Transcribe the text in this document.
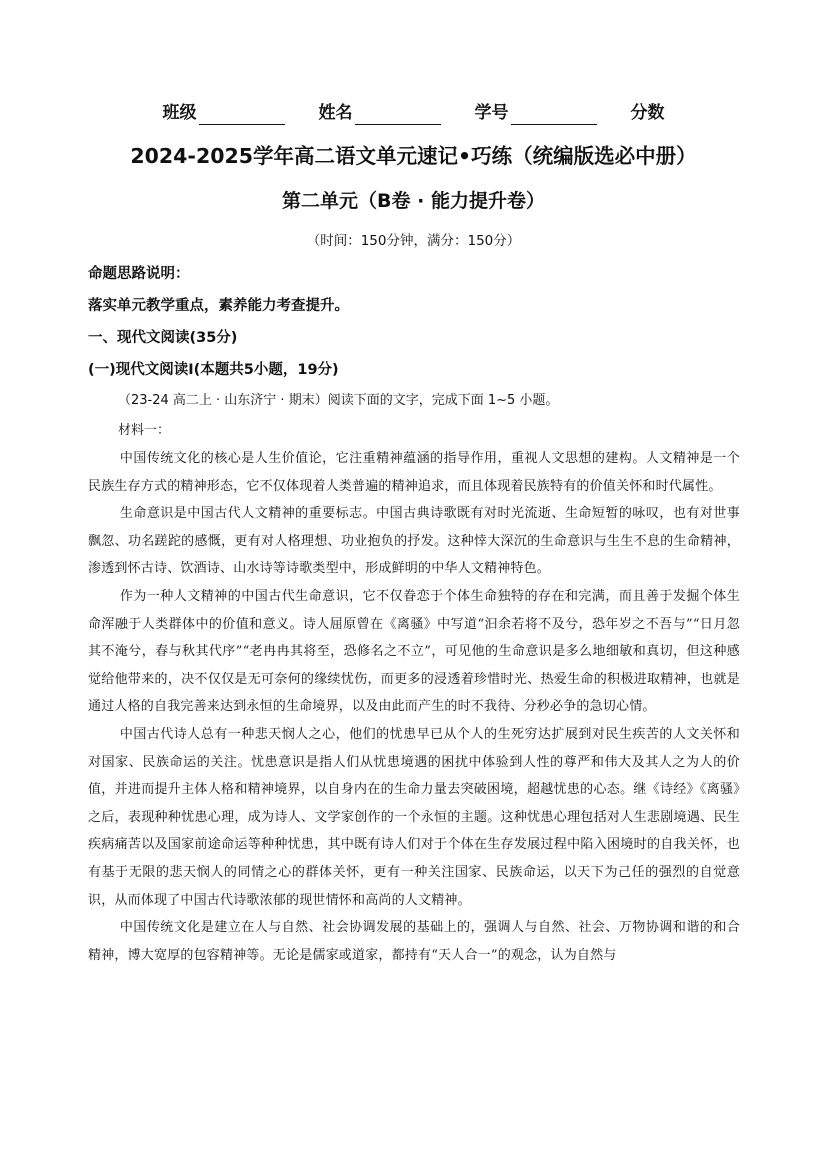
班级	姓名	学号	分数
2024-2025学年高二语文单元速记•巧练（统编版选必中册）
第二单元（B卷 · 能力提升卷）
（时间：150分钟，满分：150分）
命题思路说明：
落实单元教学重点，素养能力考查提升。
一、现代文阅读(35分)
(一)现代文阅读Ⅰ(本题共5小题，19分)
（23-24 高二上 · 山东济宁 · 期末）阅读下面的文字，完成下面 1~5 小题。
材料一：

中国传统文化的核心是人生价值论，它注重精神蕴涵的指导作用，重视人文思想的建构。人文精神是一个民族生存方式的精神形态，它不仅体现着人类普遍的精神追求，而且体现着民族特有的价值关怀和时代属性。

生命意识是中国古代人文精神的重要标志。中国古典诗歌既有对时光流逝、生命短暂的咏叹，也有对世事飘忽、功名蹉跎的感慨，更有对人格理想、功业抱负的抒发。这种悻大深沉的生命意识与生生不息的生命精神，渗透到怀古诗、饮酒诗、山水诗等诗歌类型中，形成鲜明的中华人文精神特色。

作为一种人文精神的中国古代生命意识，它不仅眷恋于个体生命独特的存在和完满，而且善于发掘个体生命浑融于人类群体中的价值和意义。诗人屈原曾在《离骚》中写道“汩余若将不及兮，恐年岁之不吾与”“日月忽其不淹兮，春与秋其代序”“老冉冉其将至，恐修名之不立”，可见他的生命意识是多么地细敏和真切，但这种感觉给他带来的，决不仅仅是无可奈何的缘续忧伤，而更多的浸透着珍惜时光、热爱生命的积极进取精神，也就是通过人格的自我完善来达到永恒的生命境界，以及由此而产生的时不我待、分秒必争的急切心情。

中国古代诗人总有一种悲天悯人之心，他们的忧患早已从个人的生死穷达扩展到对民生疾苦的人文关怀和对国家、民族命运的关注。忧患意识是指人们从忧患境遇的困扰中体验到人性的尊严和伟大及其人之为人的价值，并进而提升主体人格和精神境界，以自身内在的生命力量去突破困境，超越忧患的心态。继《诗经》《离骚》之后，表现种种忧患心理，成为诗人、文学家创作的一个永恒的主题。这种忧患心理包括对人生悲剧境遇、民生疾病痛苦以及国家前途命运等种种忧患，其中既有诗人们对于个体在生存发展过程中陷入困境时的自我关怀，也有基于无限的悲天悯人的同情之心的群体关怀，更有一种关注国家、民族命运，以天下为己任的强烈的自觉意识，从而体现了中国古代诗歌浓郁的现世情怀和高尚的人文精神。

中国传统文化是建立在人与自然、社会协调发展的基础上的，强调人与自然、社会、万物协调和谐的和合精神，博大宽厚的包容精神等。无论是儒家或道家，都持有“天人合一”的观念，认为自然与
